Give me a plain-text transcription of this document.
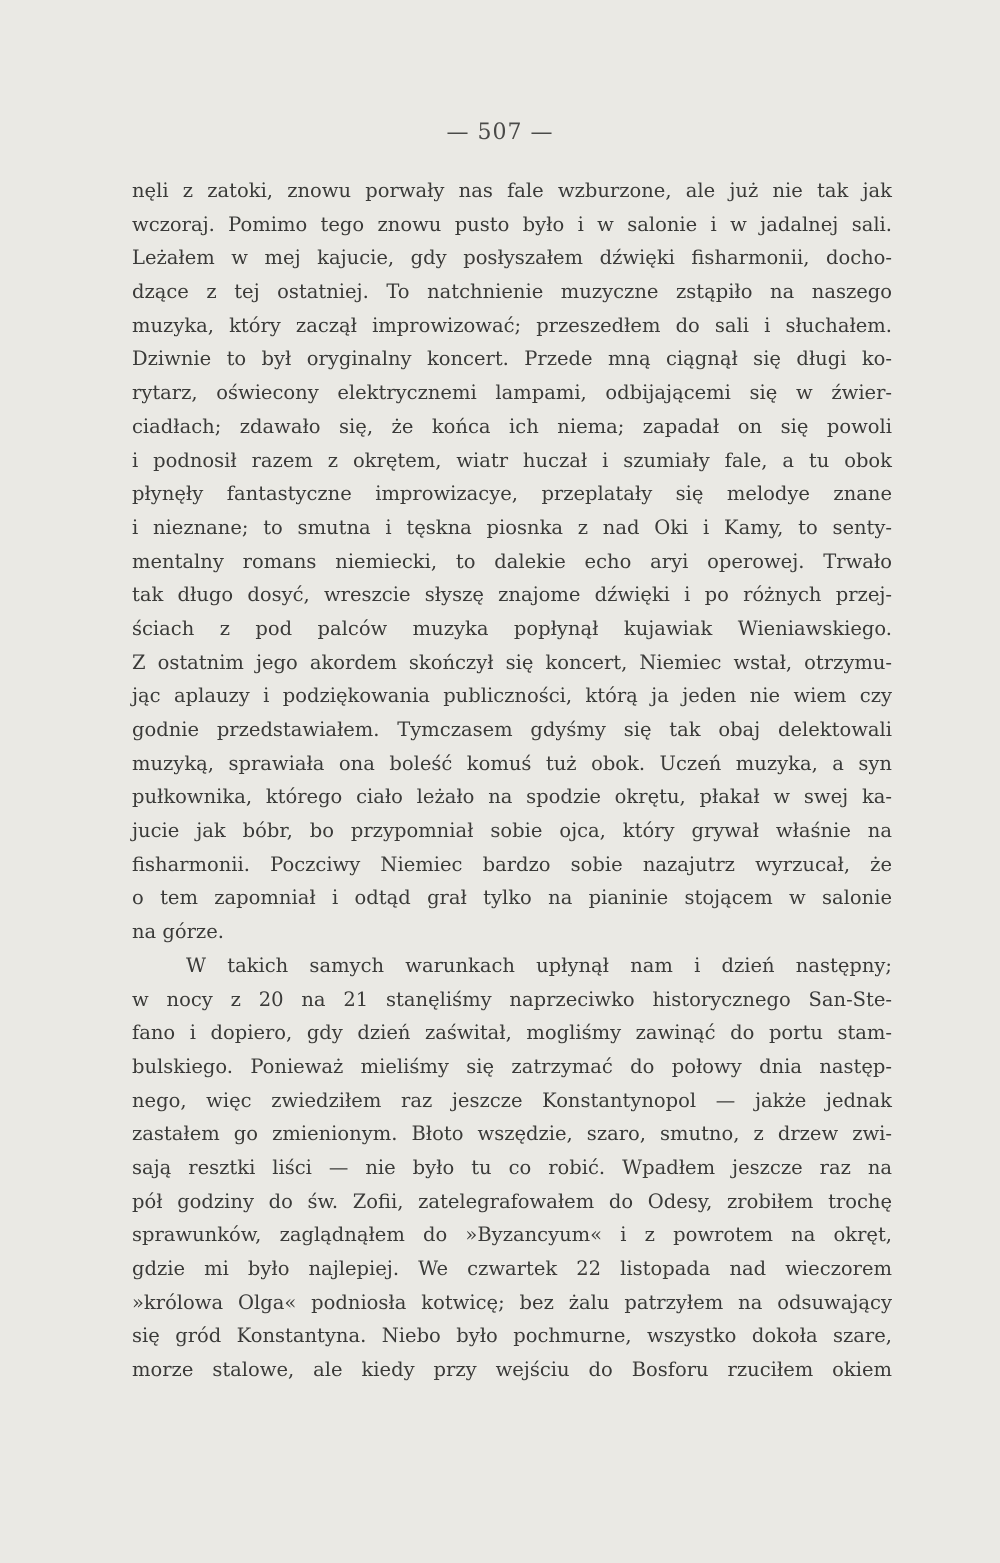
— 507 —
nęli z zatoki, znowu porwały nas fale wzburzone, ale już nie tak jak
wczoraj. Pomimo tego znowu pusto było i w salonie i w jadalnej sali.
Leżałem w mej kajucie, gdy posłyszałem dźwięki fisharmonii, docho-
dzące z tej ostatniej. To natchnienie muzyczne zstąpiło na naszego
muzyka, który zaczął improwizować; przeszedłem do sali i słuchałem.
Dziwnie to był oryginalny koncert. Przede mną ciągnął się długi ko-
rytarz, oświecony elektrycznemi lampami, odbijającemi się w źwier-
ciadłach; zdawało się, że końca ich niema; zapadał on się powoli
i podnosił razem z okrętem, wiatr huczał i szumiały fale, a tu obok
płynęły fantastyczne improwizacye, przeplatały się melodye znane
i nieznane; to smutna i tęskna piosnka z nad Oki i Kamy, to senty-
mentalny romans niemiecki, to dalekie echo aryi operowej. Trwało
tak długo dosyć, wreszcie słyszę znajome dźwięki i po różnych przej-
ściach z pod palców muzyka popłynął kujawiak Wieniawskiego.
Z ostatnim jego akordem skończył się koncert, Niemiec wstał, otrzymu-
jąc aplauzy i podziękowania publiczności, którą ja jeden nie wiem czy
godnie przedstawiałem. Tymczasem gdyśmy się tak obaj delektowali
muzyką, sprawiała ona boleść komuś tuż obok. Uczeń muzyka, a syn
pułkownika, którego ciało leżało na spodzie okrętu, płakał w swej ka-
jucie jak bóbr, bo przypomniał sobie ojca, który grywał właśnie na
fisharmonii. Poczciwy Niemiec bardzo sobie nazajutrz wyrzucał, że
o tem zapomniał i odtąd grał tylko na pianinie stojącem w salonie
na górze.
W takich samych warunkach upłynął nam i dzień następny;
w nocy z 20 na 21 stanęliśmy naprzeciwko historycznego San-Ste-
fano i dopiero, gdy dzień zaświtał, mogliśmy zawinąć do portu stam-
bulskiego. Ponieważ mieliśmy się zatrzymać do połowy dnia następ-
nego, więc zwiedziłem raz jeszcze Konstantynopol — jakże jednak
zastałem go zmienionym. Błoto wszędzie, szaro, smutno, z drzew zwi-
sają resztki liści — nie było tu co robić. Wpadłem jeszcze raz na
pół godziny do św. Zofii, zatelegrafowałem do Odesy, zrobiłem trochę
sprawunków, zaglądnąłem do »Byzancyum« i z powrotem na okręt,
gdzie mi było najlepiej. We czwartek 22 listopada nad wieczorem
»królowa Olga« podniosła kotwicę; bez żalu patrzyłem na odsuwający
się gród Konstantyna. Niebo było pochmurne, wszystko dokoła szare,
morze stalowe, ale kiedy przy wejściu do Bosforu rzuciłem okiem
